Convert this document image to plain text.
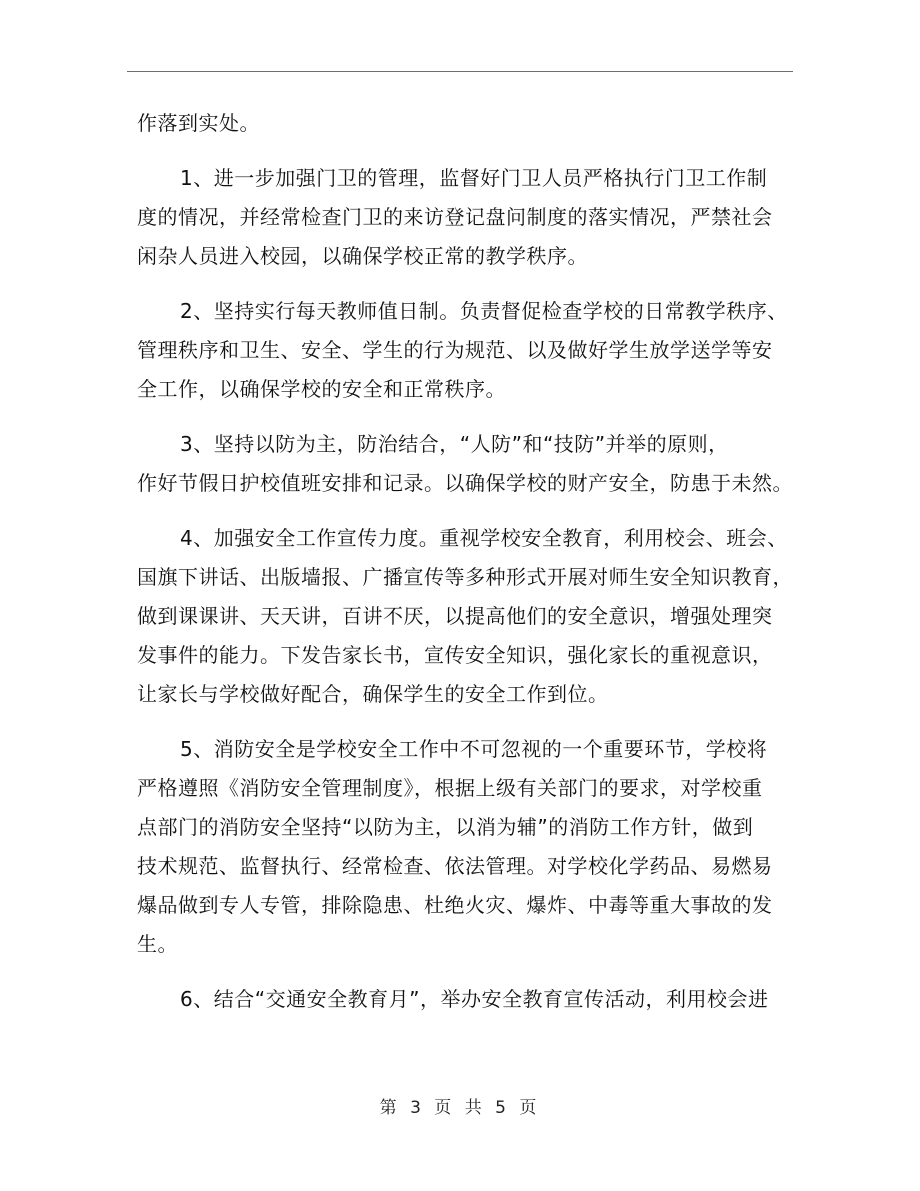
作落到实处。

1、进一步加强门卫的管理，监督好门卫人员严格执行门卫工作制
度的情况，并经常检查门卫的来访登记盘问制度的落实情况，严禁社会
闲杂人员进入校园，以确保学校正常的教学秩序。

2、坚持实行每天教师值日制。负责督促检查学校的日常教学秩序、
管理秩序和卫生、安全、学生的行为规范、以及做好学生放学送学等安
全工作，以确保学校的安全和正常秩序。

3、坚持以防为主，防治结合，“人防”和“技防”并举的原则，
作好节假日护校值班安排和记录。以确保学校的财产安全，防患于未然。

4、加强安全工作宣传力度。重视学校安全教育，利用校会、班会、
国旗下讲话、出版墙报、广播宣传等多种形式开展对师生安全知识教育，
做到课课讲、天天讲，百讲不厌，以提高他们的安全意识，增强处理突
发事件的能力。下发告家长书，宣传安全知识，强化家长的重视意识，
让家长与学校做好配合，确保学生的安全工作到位。

5、消防安全是学校安全工作中不可忽视的一个重要环节，学校将
严格遵照《消防安全管理制度》，根据上级有关部门的要求，对学校重
点部门的消防安全坚持“以防为主，以消为辅”的消防工作方针，做到
技术规范、监督执行、经常检查、依法管理。对学校化学药品、易燃易
爆品做到专人专管，排除隐患、杜绝火灾、爆炸、中毒等重大事故的发
生。

6、结合“交通安全教育月”，举办安全教育宣传活动，利用校会进

第 3 页 共 5 页
